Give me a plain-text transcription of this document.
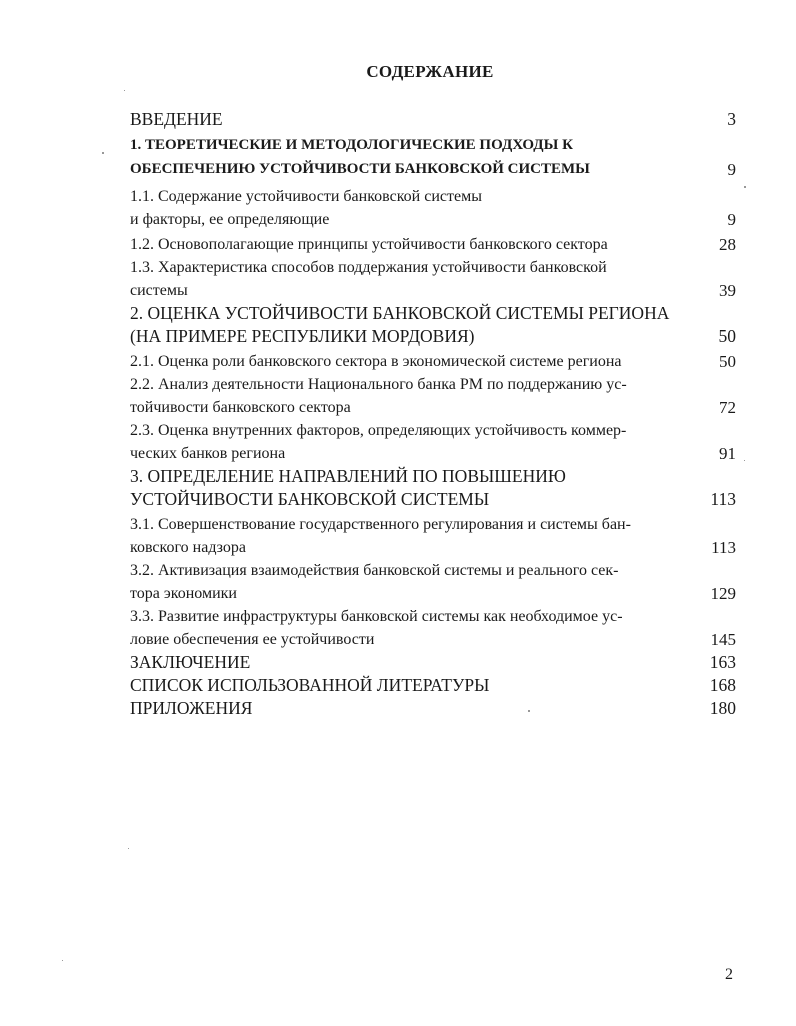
СОДЕРЖАНИЕ
ВВЕДЕНИЕ	3
1. ТЕОРЕТИЧЕСКИЕ И МЕТОДОЛОГИЧЕСКИЕ ПОДХОДЫ К
ОБЕСПЕЧЕНИЮ УСТОЙЧИВОСТИ БАНКОВСКОЙ СИСТЕМЫ	9
1.1. Содержание устойчивости банковской системы
и факторы, ее определяющие	9
1.2. Основополагающие принципы устойчивости банковского сектора	28
1.3. Характеристика способов поддержания устойчивости банковской
системы	39
2. ОЦЕНКА УСТОЙЧИВОСТИ БАНКОВСКОЙ СИСТЕМЫ РЕГИОНА
(НА ПРИМЕРЕ РЕСПУБЛИКИ МОРДОВИЯ)	50
2.1. Оценка роли банковского сектора в экономической системе региона	50
2.2. Анализ деятельности Национального банка РМ по поддержанию ус-
тойчивости банковского сектора	72
2.3. Оценка внутренних факторов, определяющих устойчивость коммер-
ческих банков региона	91
3. ОПРЕДЕЛЕНИЕ НАПРАВЛЕНИЙ ПО ПОВЫШЕНИЮ
УСТОЙЧИВОСТИ БАНКОВСКОЙ СИСТЕМЫ	113
3.1. Совершенствование государственного регулирования и системы бан-
ковского надзора	113
3.2. Активизация взаимодействия банковской системы и реального сек-
тора экономики	129
3.3. Развитие инфраструктуры банковской системы как необходимое ус-
ловие обеспечения ее устойчивости	145
ЗАКЛЮЧЕНИЕ	163
СПИСОК ИСПОЛЬЗОВАННОЙ ЛИТЕРАТУРЫ	168
ПРИЛОЖЕНИЯ	180
2
